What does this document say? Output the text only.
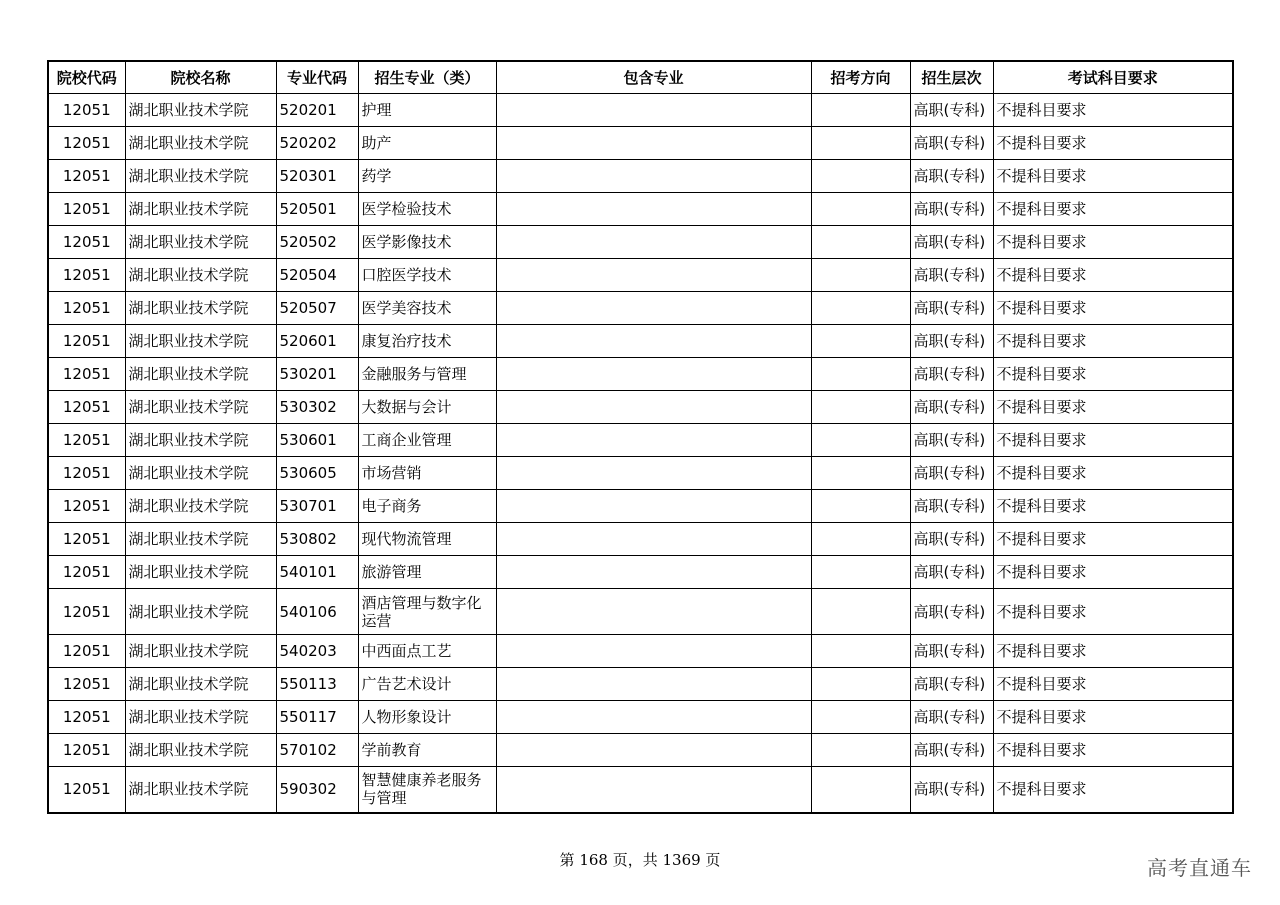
院校代码	院校名称	专业代码	招生专业（类）	包含专业	招考方向	招生层次	考试科目要求
12051	湖北职业技术学院	520201	护理			高职(专科)	不提科目要求
12051	湖北职业技术学院	520202	助产			高职(专科)	不提科目要求
12051	湖北职业技术学院	520301	药学			高职(专科)	不提科目要求
12051	湖北职业技术学院	520501	医学检验技术			高职(专科)	不提科目要求
12051	湖北职业技术学院	520502	医学影像技术			高职(专科)	不提科目要求
12051	湖北职业技术学院	520504	口腔医学技术			高职(专科)	不提科目要求
12051	湖北职业技术学院	520507	医学美容技术			高职(专科)	不提科目要求
12051	湖北职业技术学院	520601	康复治疗技术			高职(专科)	不提科目要求
12051	湖北职业技术学院	530201	金融服务与管理			高职(专科)	不提科目要求
12051	湖北职业技术学院	530302	大数据与会计			高职(专科)	不提科目要求
12051	湖北职业技术学院	530601	工商企业管理			高职(专科)	不提科目要求
12051	湖北职业技术学院	530605	市场营销			高职(专科)	不提科目要求
12051	湖北职业技术学院	530701	电子商务			高职(专科)	不提科目要求
12051	湖北职业技术学院	530802	现代物流管理			高职(专科)	不提科目要求
12051	湖北职业技术学院	540101	旅游管理			高职(专科)	不提科目要求
12051	湖北职业技术学院	540106	酒店管理与数字化运营			高职(专科)	不提科目要求
12051	湖北职业技术学院	540203	中西面点工艺			高职(专科)	不提科目要求
12051	湖北职业技术学院	550113	广告艺术设计			高职(专科)	不提科目要求
12051	湖北职业技术学院	550117	人物形象设计			高职(专科)	不提科目要求
12051	湖北职业技术学院	570102	学前教育			高职(专科)	不提科目要求
12051	湖北职业技术学院	590302	智慧健康养老服务与管理			高职(专科)	不提科目要求
第 168 页，共 1369 页	高考直通车
